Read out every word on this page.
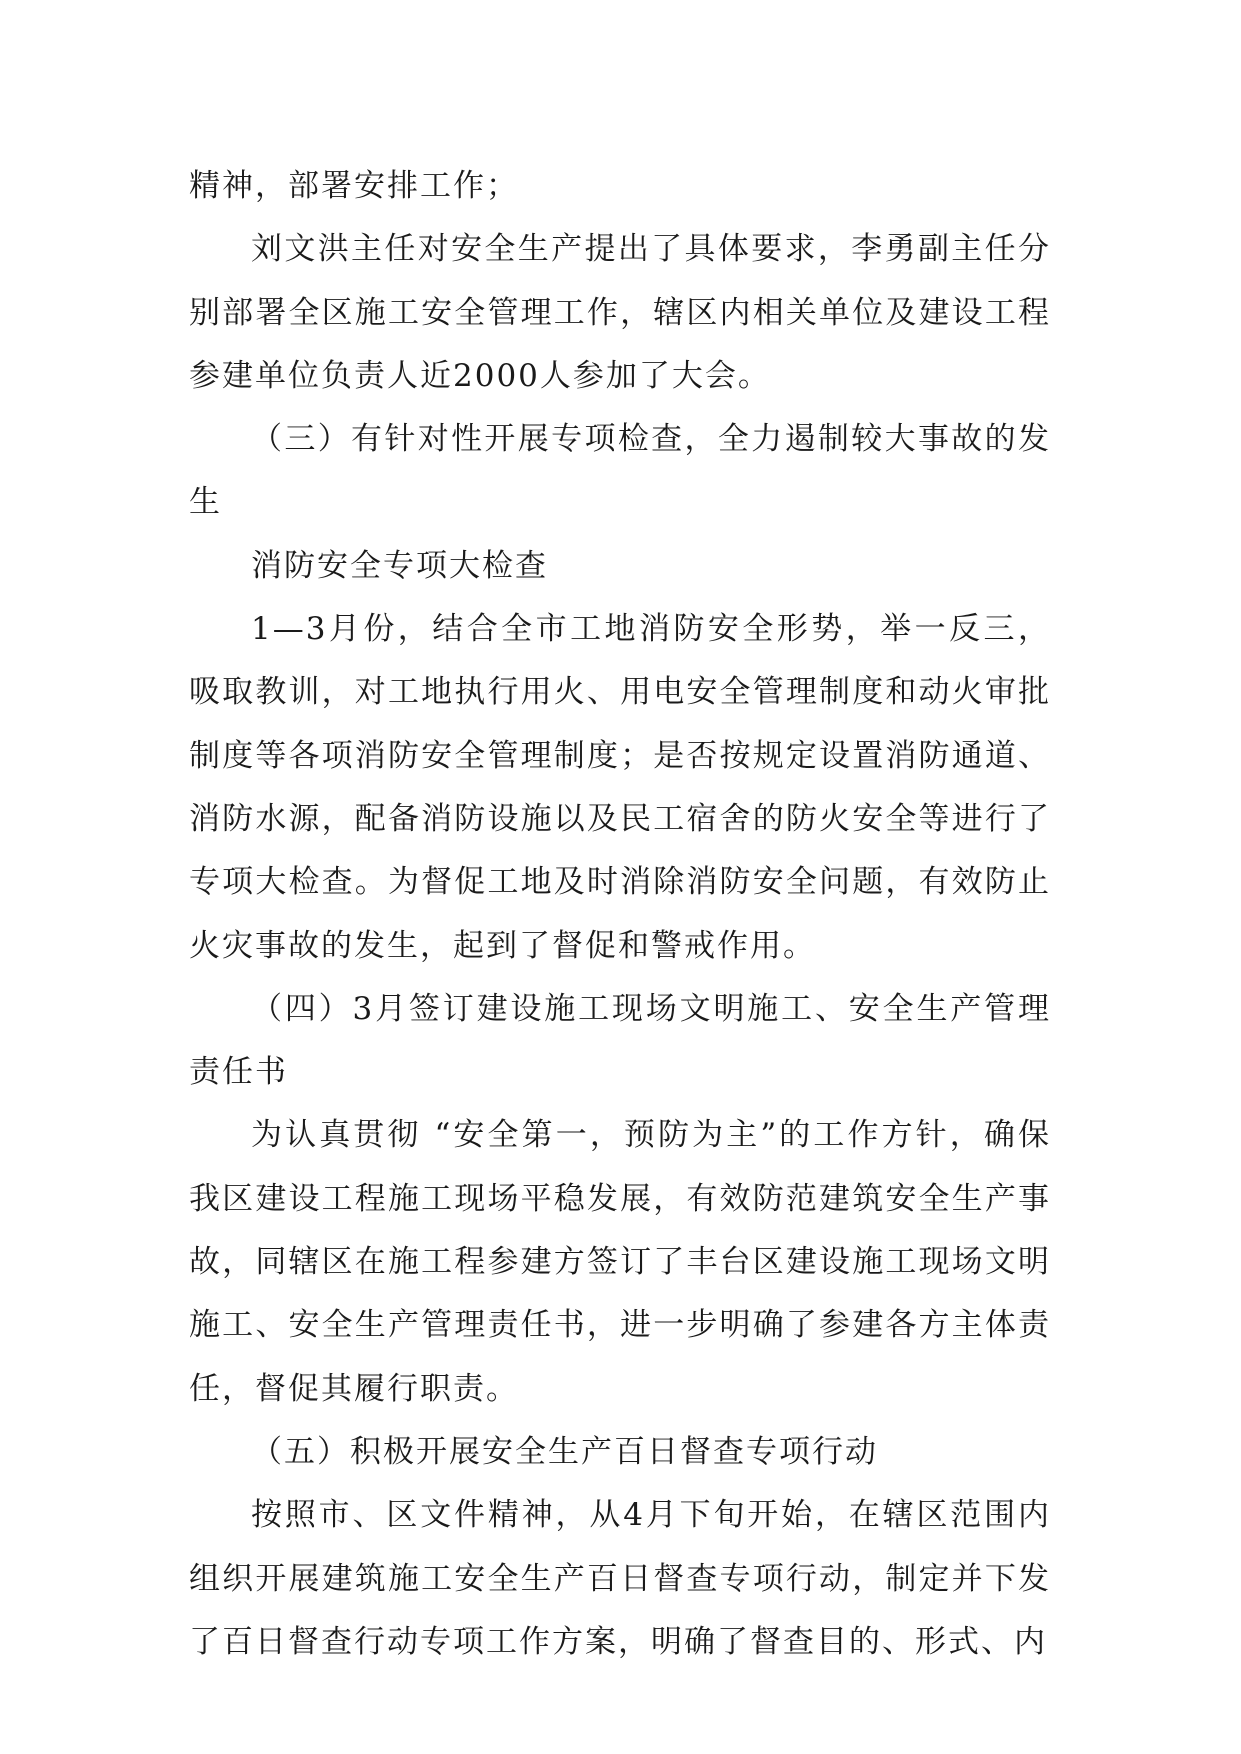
精神，部署安排工作；

刘文洪主任对安全生产提出了具体要求，李勇副主任分别部署全区施工安全管理工作，辖区内相关单位及建设工程参建单位负责人近2000人参加了大会。

（三）有针对性开展专项检查，全力遏制较大事故的发生

消防安全专项大检查

1—3月份，结合全市工地消防安全形势，举一反三，吸取教训，对工地执行用火、用电安全管理制度和动火审批制度等各项消防安全管理制度；是否按规定设置消防通道、消防水源，配备消防设施以及民工宿舍的防火安全等进行了专项大检查。为督促工地及时消除消防安全问题，有效防止火灾事故的发生，起到了督促和警戒作用。

（四）3月签订建设施工现场文明施工、安全生产管理责任书

为认真贯彻 “安全第一，预防为主”的工作方针，确保我区建设工程施工现场平稳发展，有效防范建筑安全生产事故，同辖区在施工程参建方签订了丰台区建设施工现场文明施工、安全生产管理责任书，进一步明确了参建各方主体责任，督促其履行职责。

（五）积极开展安全生产百日督查专项行动

按照市、区文件精神，从4月下旬开始，在辖区范围内组织开展建筑施工安全生产百日督查专项行动，制定并下发了百日督查行动专项工作方案，明确了督查目的、形式、内
